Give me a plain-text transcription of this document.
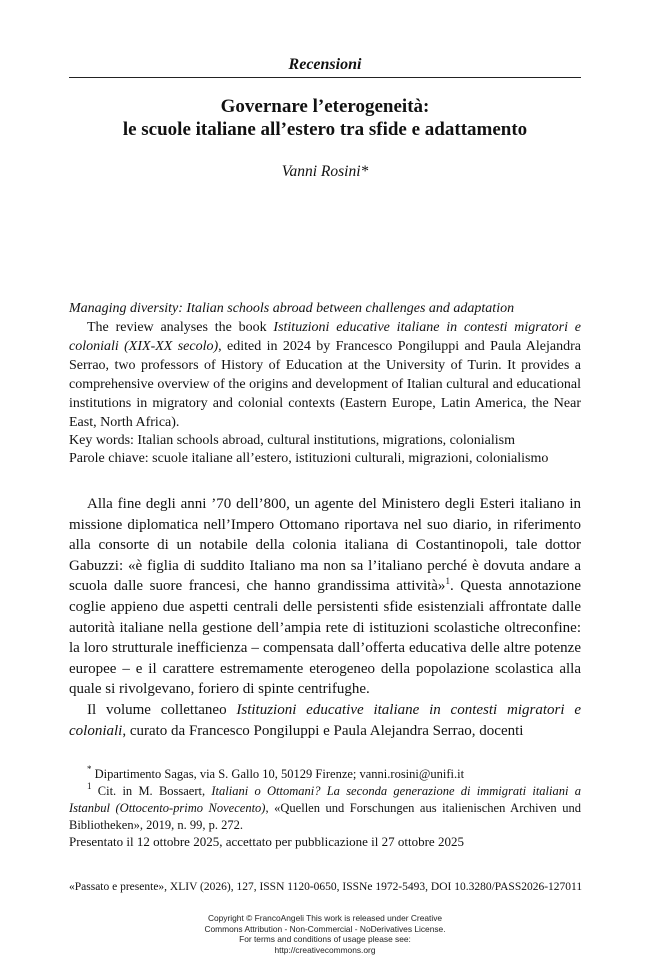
Recensioni
Governare l’eterogeneità:
le scuole italiane all’estero tra sfide e adattamento
Vanni Rosini*

Managing diversity: Italian schools abroad between challenges and adaptation

The review analyses the book Istituzioni educative italiane in contesti migratori e coloniali (XIX-XX secolo), edited in 2024 by Francesco Pongiluppi and Paula Alejandra Serrao, two professors of History of Education at the University of Turin. It provides a comprehensive overview of the origins and development of Italian cultural and educational institutions in migratory and colonial contexts (Eastern Europe, Latin America, the Near East, North Africa).

Key words: Italian schools abroad, cultural institutions, migrations, colonialism

Parole chiave: scuole italiane all’estero, istituzioni culturali, migrazioni, colonialismo

Alla fine degli anni ’70 dell’800, un agente del Ministero degli Esteri italiano in missione diplomatica nell’Impero Ottomano riportava nel suo diario, in riferimento alla consorte di un notabile della colonia italiana di Costantinopoli, tale dottor Gabuzzi: «è figlia di suddito Italiano ma non sa l’italiano perché è dovuta andare a scuola dalle suore francesi, che hanno grandissima attività»$^1$. Questa annotazione coglie appieno due aspetti centrali delle persistenti sfide esistenziali affrontate dalle autorità italiane nella gestione dell’ampia rete di istituzioni scolastiche oltreconfine: la loro strutturale inefficienza – compensata dall’offerta educativa delle altre potenze europee – e il carattere estremamente eterogeneo della popolazione scolastica alla quale si rivolgevano, foriero di spinte centrifughe.

Il volume collettaneo Istituzioni educative italiane in contesti migratori e coloniali, curato da Francesco Pongiluppi e Paula Alejandra Serrao, docenti

* Dipartimento Sagas, via S. Gallo 10, 50129 Firenze; vanni.rosini@unifi.it

$^1$ Cit. in M. Bossaert, Italiani o Ottomani? La seconda generazione di immigrati italiani a Istanbul (Ottocento-primo Novecento), «Quellen und Forschungen aus italienischen Archiven und Bibliotheken», 2019, n. 99, p. 272.

Presentato il 12 ottobre 2025, accettato per pubblicazione il 27 ottobre 2025
«Passato e presente», XLIV (2026), 127, ISSN 1120-0650, ISSNe 1972-5493, DOI 10.3280/PASS2026-127011
Copyright © FrancoAngeli This work is released under Creative
Commons Attribution - Non-Commercial - NoDerivatives License.
For terms and conditions of usage please see:
http://creativecommons.org
